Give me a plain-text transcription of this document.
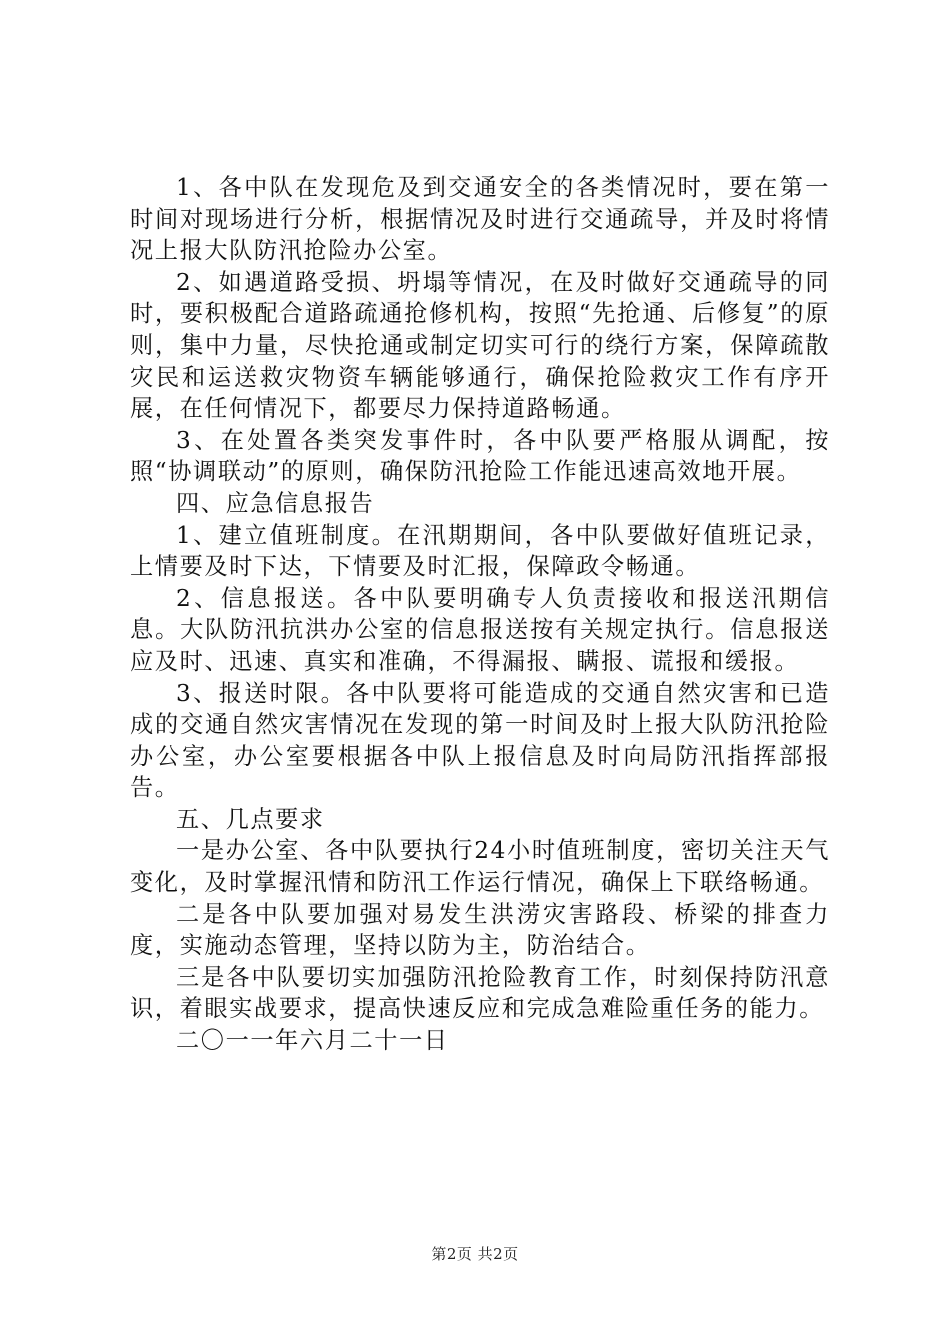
1、各中队在发现危及到交通安全的各类情况时，要在第一时间对现场进行分析，根据情况及时进行交通疏导，并及时将情况上报大队防汛抢险办公室。

2、如遇道路受损、坍塌等情况，在及时做好交通疏导的同时，要积极配合道路疏通抢修机构，按照“先抢通、后修复”的原则，集中力量，尽快抢通或制定切实可行的绕行方案，保障疏散灾民和运送救灾物资车辆能够通行，确保抢险救灾工作有序开展，在任何情况下，都要尽力保持道路畅通。

3、在处置各类突发事件时，各中队要严格服从调配，按照“协调联动”的原则，确保防汛抢险工作能迅速高效地开展。

四、应急信息报告

1、建立值班制度。在汛期期间，各中队要做好值班记录，上情要及时下达，下情要及时汇报，保障政令畅通。

2、信息报送。各中队要明确专人负责接收和报送汛期信息。大队防汛抗洪办公室的信息报送按有关规定执行。信息报送应及时、迅速、真实和准确，不得漏报、瞒报、谎报和缓报。

3、报送时限。各中队要将可能造成的交通自然灾害和已造成的交通自然灾害情况在发现的第一时间及时上报大队防汛抢险办公室，办公室要根据各中队上报信息及时向局防汛指挥部报告。

五、几点要求

一是办公室、各中队要执行24小时值班制度，密切关注天气变化，及时掌握汛情和防汛工作运行情况，确保上下联络畅通。

二是各中队要加强对易发生洪涝灾害路段、桥梁的排查力度，实施动态管理，坚持以防为主，防治结合。

三是各中队要切实加强防汛抢险教育工作，时刻保持防汛意识，着眼实战要求，提高快速反应和完成急难险重任务的能力。

二〇一一年六月二十一日

第2页 共2页
